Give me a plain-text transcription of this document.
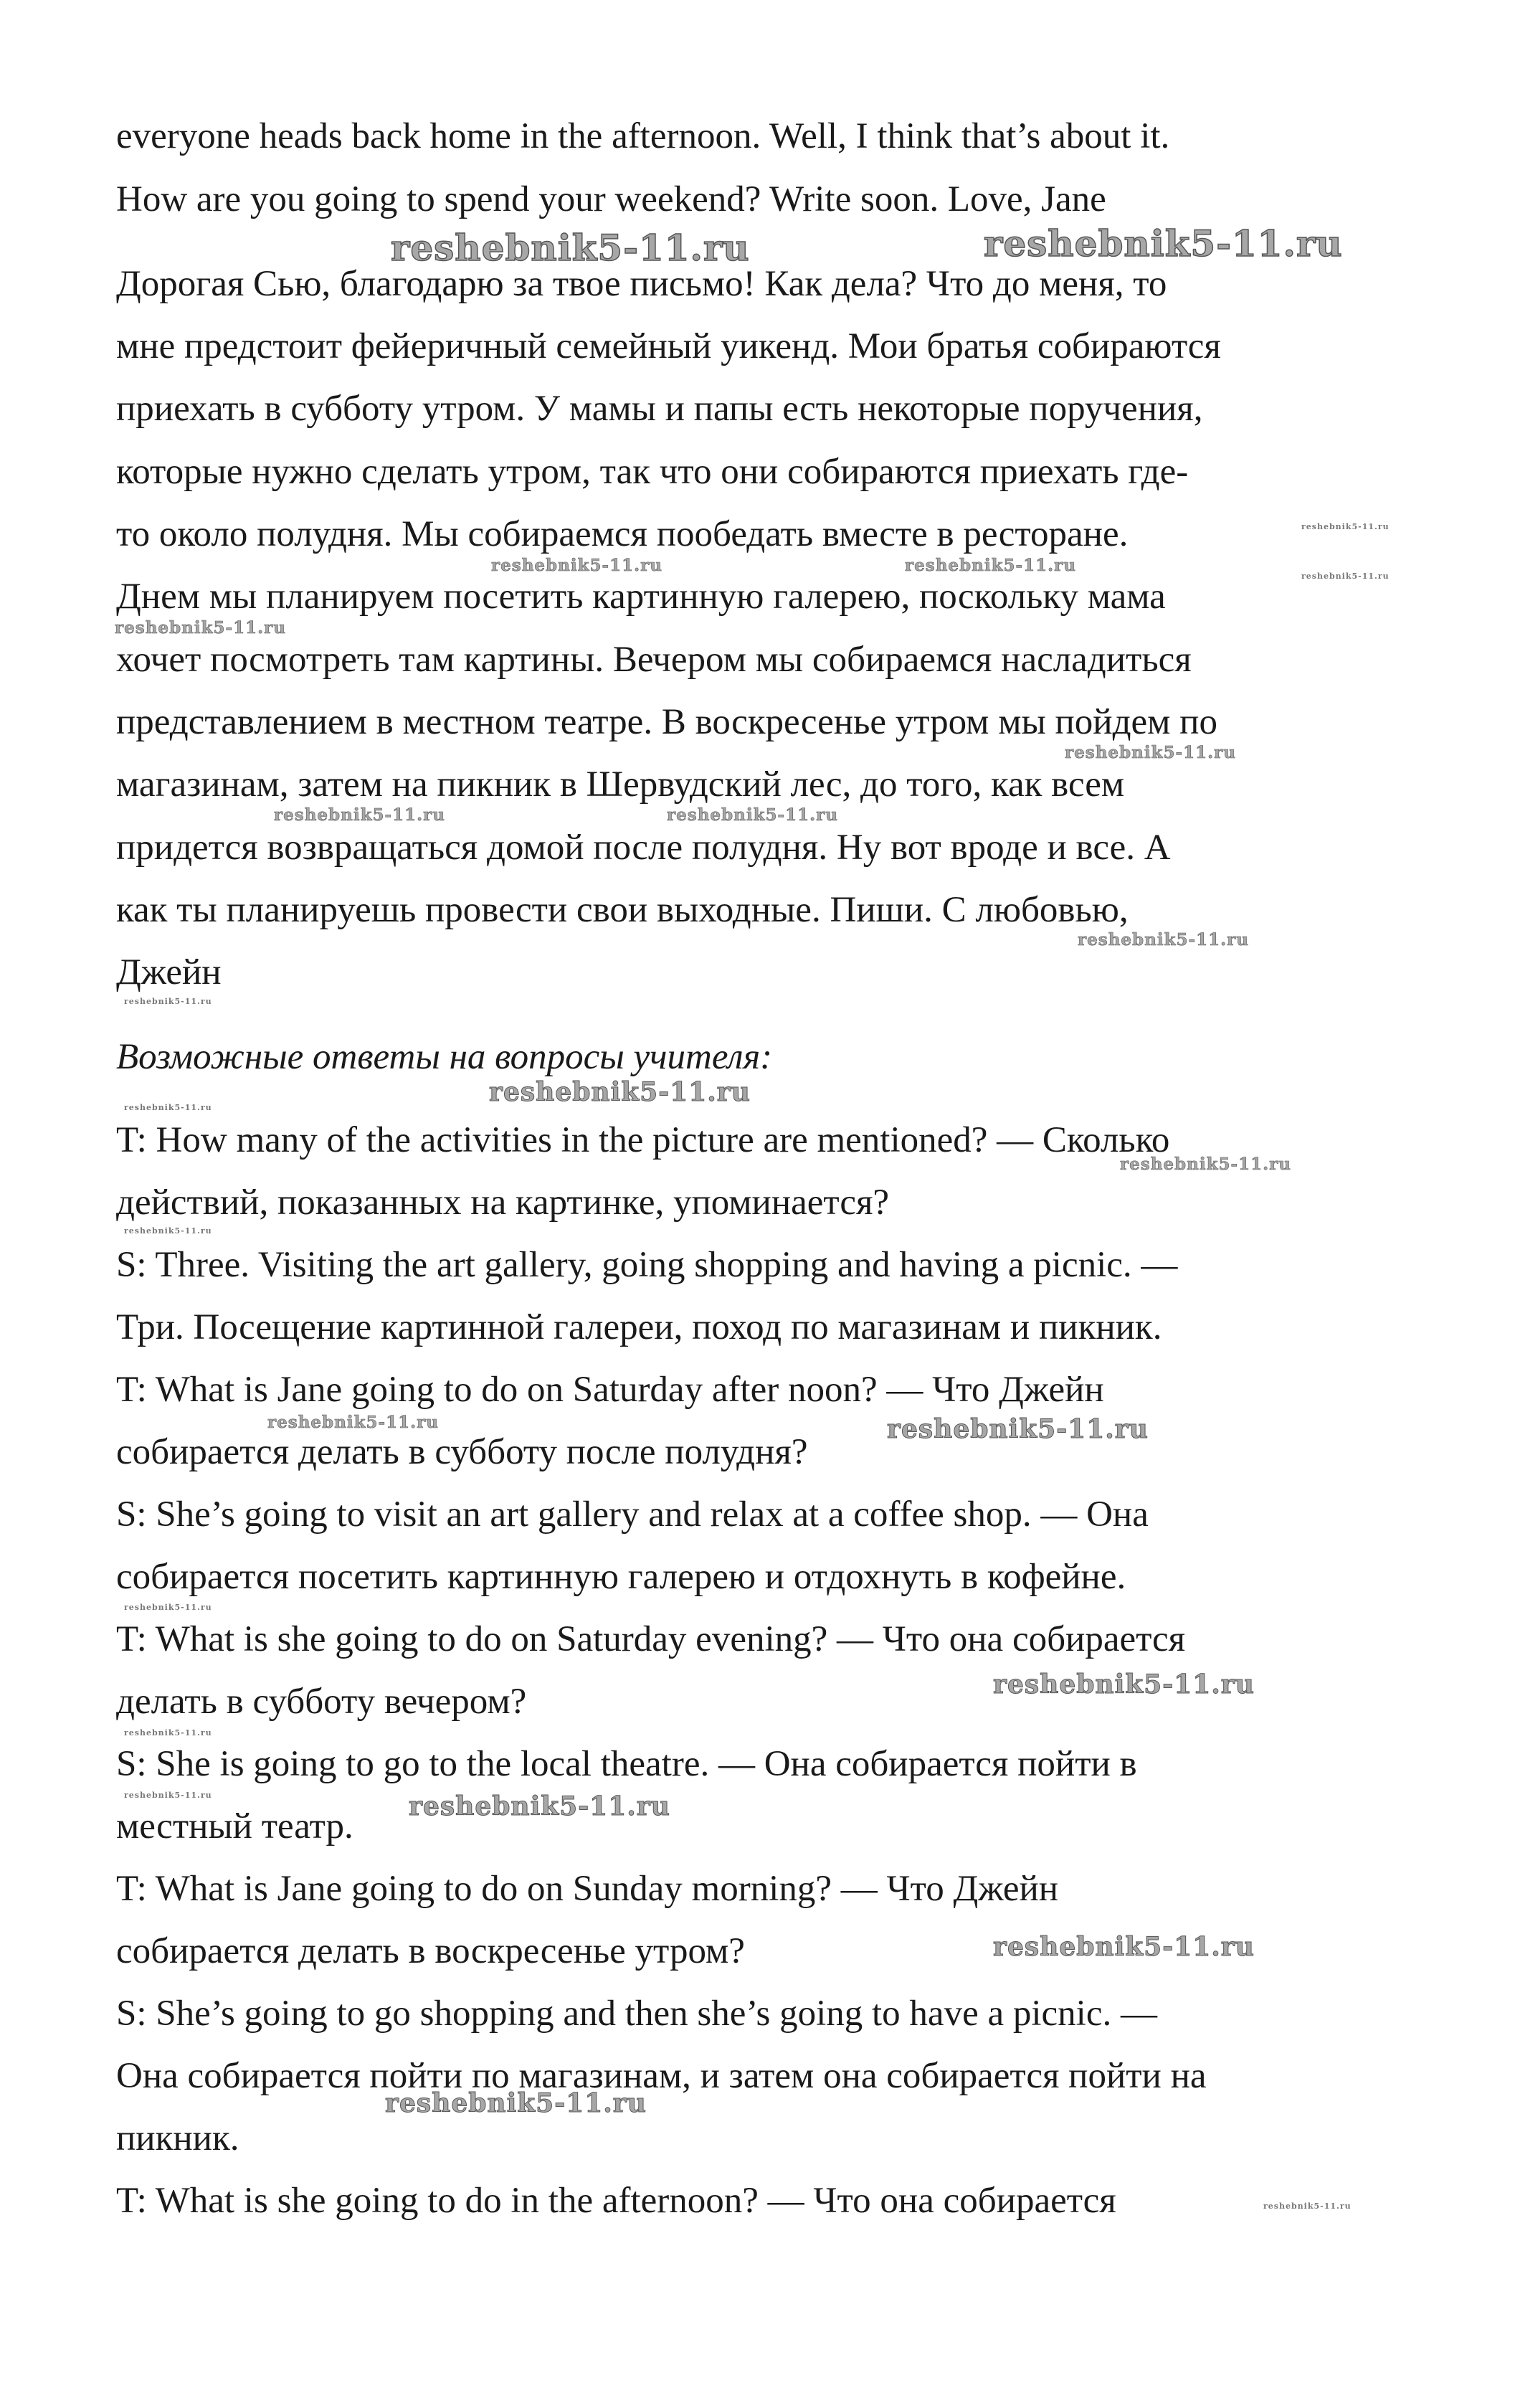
everyone heads back home in the afternoon. Well, I think that’s about it.
How are you going to spend your weekend? Write soon. Love, Jane
Дорогая Сью, благодарю за твое письмо! Как дела? Что до меня, то
мне предстоит фейеричный семейный уикенд. Мои братья собираются
приехать в субботу утром. У мамы и папы есть некоторые поручения,
которые нужно сделать утром, так что они собираются приехать где-
то около полудня. Мы собираемся пообедать вместе в ресторане.
Днем мы планируем посетить картинную галерею, поскольку мама
хочет посмотреть там картины. Вечером мы собираемся насладиться
представлением в местном театре. В воскресенье утром мы пойдем по
магазинам, затем на пикник в Шервудский лес, до того, как всем
придется возвращаться домой после полудня. Ну вот вроде и все. А
как ты планируешь провести свои выходные. Пиши. С любовью,
Джейн
Возможные ответы на вопросы учителя:
T: How many of the activities in the picture are mentioned? — Сколько
действий, показанных на картинке, упоминается?
S: Three. Visiting the art gallery, going shopping and having a picnic. —
Три. Посещение картинной галереи, поход по магазинам и пикник.
T: What is Jane going to do on Saturday after noon? — Что Джейн
собирается делать в субботу после полудня?
S: She’s going to visit an art gallery and relax at a coffee shop. — Она
собирается посетить картинную галерею и отдохнуть в кофейне.
T: What is she going to do on Saturday evening? — Что она собирается
делать в субботу вечером?
S: She is going to go to the local theatre. — Она собирается пойти в
местный театр.
T: What is Jane going to do on Sunday morning? — Что Джейн
собирается делать в воскресенье утром?
S: She’s going to go shopping and then she’s going to have a picnic. —
Она собирается пойти по магазинам, и затем она собирается пойти на
пикник.
T: What is she going to do in the afternoon? — Что она собирается
reshebnik5-11.ru	reshebnik5-11.ru
reshebnik5-11.ru
reshebnik5-11.ru	reshebnik5-11.ru
reshebnik5-11.ru
reshebnik5-11.ru
reshebnik5-11.ru
reshebnik5-11.ru	reshebnik5-11.ru
reshebnik5-11.ru
reshebnik5-11.ru
reshebnik5-11.ru
reshebnik5-11.ru
reshebnik5-11.ru
reshebnik5-11.ru
reshebnik5-11.ru	reshebnik5-11.ru
reshebnik5-11.ru
reshebnik5-11.ru
reshebnik5-11.ru
reshebnik5-11.ru	reshebnik5-11.ru
reshebnik5-11.ru
reshebnik5-11.ru
reshebnik5-11.ru
